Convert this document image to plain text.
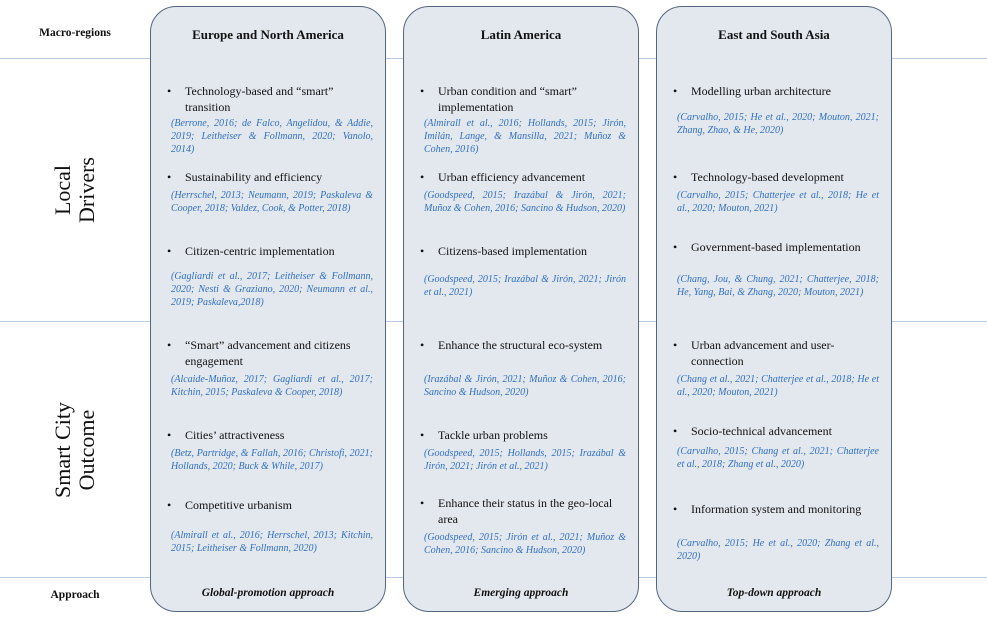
Macro-regions
Local
Drivers
Smart City
Outcome
Approach
Europe and North America
• Technology-based and “smart” transition
(Berrone, 2016; de Falco, Angelidou, & Addie, 2019; Leitheiser & Follmann, 2020; Vanolo, 2014)
• Sustainability and efficiency
(Herrschel, 2013; Neumann, 2019; Paskaleva & Cooper, 2018; Valdez, Cook, & Potter, 2018)
• Citizen-centric implementation
(Gagliardi et al., 2017; Leitheiser & Follmann, 2020; Nesti & Graziano, 2020; Neumann et al., 2019; Paskaleva,2018)
• “Smart” advancement and citizens engagement
(Alcaide-Muñoz, 2017; Gagliardi et al., 2017; Kitchin, 2015; Paskaleva & Cooper, 2018)
• Cities’ attractiveness
(Betz, Partridge, & Fallah, 2016; Christofi, 2021; Hollands, 2020; Buck & While, 2017)
• Competitive urbanism
(Almirall et al., 2016; Herrschel, 2013; Kitchin, 2015; Leitheiser & Follmann, 2020)
Global-promotion approach
Latin America
• Urban condition and “smart” implementation
(Almirall et al., 2016; Hollands, 2015; Jirón, Imilán, Lange, & Mansilla, 2021; Muñoz & Cohen, 2016)
• Urban efficiency advancement
(Goodspeed, 2015; Irazábal & Jirón, 2021; Muñoz & Cohen, 2016; Sancino & Hudson, 2020)
• Citizens-based implementation
(Goodspeed, 2015; Irazábal & Jirón, 2021; Jirón et al., 2021)
• Enhance the structural eco-system
(Irazábal & Jirón, 2021; Muñoz & Cohen, 2016; Sancino & Hudson, 2020)
• Tackle urban problems
(Goodspeed, 2015; Hollands, 2015; Irazábal & Jirón, 2021; Jirón et al., 2021)
• Enhance their status in the geo-local area
(Goodspeed, 2015; Jirón et al., 2021; Muñoz & Cohen, 2016; Sancino & Hudson, 2020)
Emerging approach
East and South Asia
• Modelling urban architecture
(Carvalho, 2015; He et al., 2020; Mouton, 2021; Zhang, Zhao, & He, 2020)
• Technology-based development
(Carvalho, 2015; Chatterjee et al., 2018; He et al., 2020; Mouton, 2021)
• Government-based implementation
(Chang, Jou, & Chung, 2021; Chatterjee, 2018; He, Yang, Bai, & Zhang, 2020; Mouton, 2021)
• Urban advancement and user-connection
(Chang et al., 2021; Chatterjee et al., 2018; He et al., 2020; Mouton, 2021)
• Socio-technical advancement
(Carvalho, 2015; Chang et al., 2021; Chatterjee et al., 2018; Zhang et al., 2020)
• Information system and monitoring
(Carvalho, 2015; He et al., 2020; Zhang et al., 2020)
Top-down approach
